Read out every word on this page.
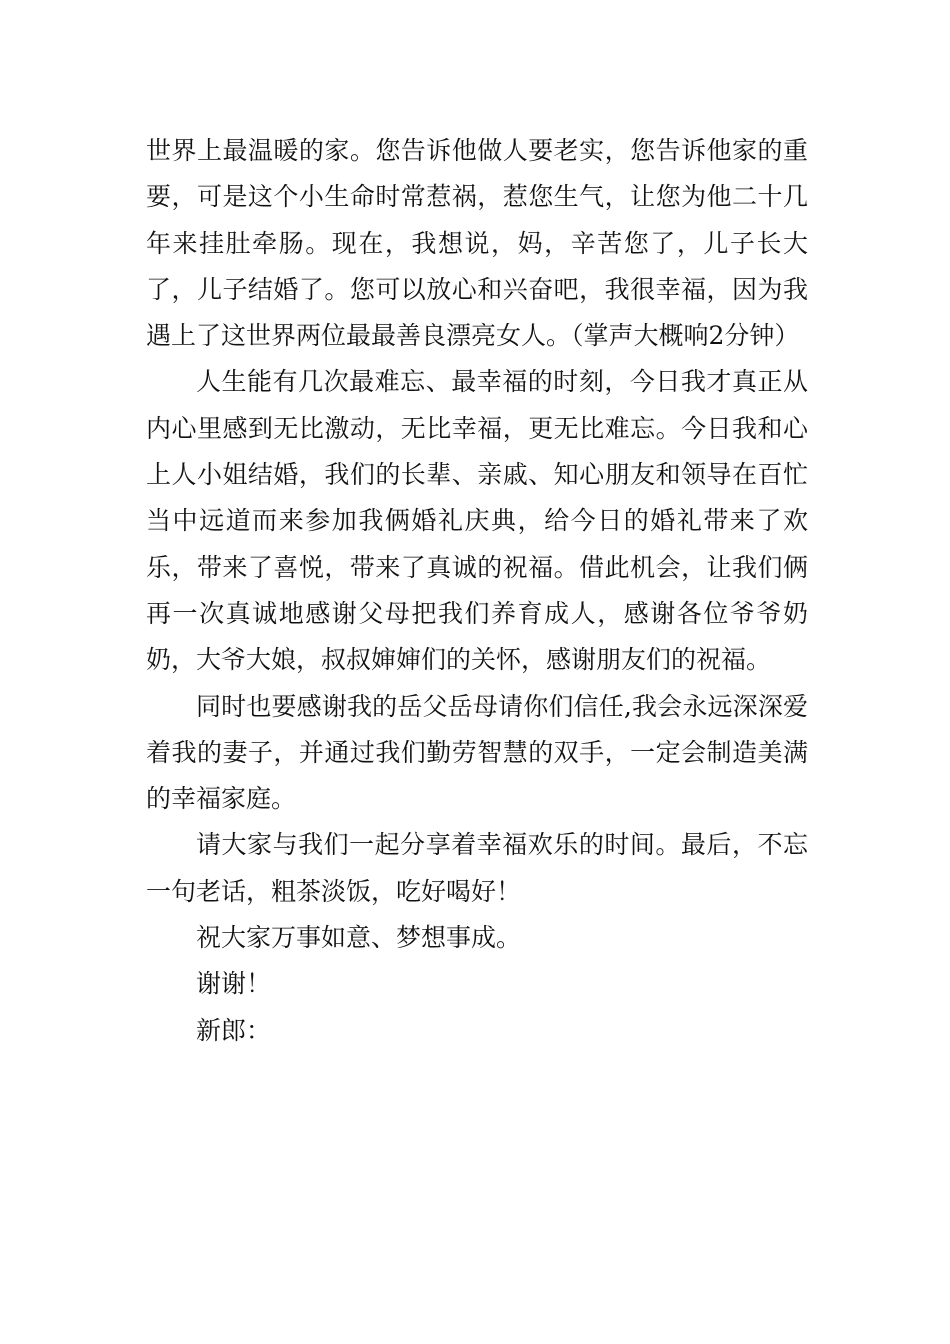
世界上最温暖的家。您告诉他做人要老实，您告诉他家的重要，可是这个小生命时常惹祸，惹您生气，让您为他二十几年来挂肚牵肠。现在，我想说，妈，辛苦您了，儿子长大了，儿子结婚了。您可以放心和兴奋吧，我很幸福，因为我遇上了这世界两位最最善良漂亮女人。（掌声大概响2分钟）

人生能有几次最难忘、最幸福的时刻，今日我才真正从内心里感到无比激动，无比幸福，更无比难忘。今日我和心上人小姐结婚，我们的长辈、亲戚、知心朋友和领导在百忙当中远道而来参加我俩婚礼庆典，给今日的婚礼带来了欢乐，带来了喜悦，带来了真诚的祝福。借此机会，让我们俩再一次真诚地感谢父母把我们养育成人，感谢各位爷爷奶奶，大爷大娘，叔叔婶婶们的关怀，感谢朋友们的祝福。

同时也要感谢我的岳父岳母请你们信任,我会永远深深爱着我的妻子，并通过我们勤劳智慧的双手，一定会制造美满的幸福家庭。

请大家与我们一起分享着幸福欢乐的时间。最后，不忘一句老话，粗茶淡饭，吃好喝好！

祝大家万事如意、梦想事成。

谢谢！

新郎：
